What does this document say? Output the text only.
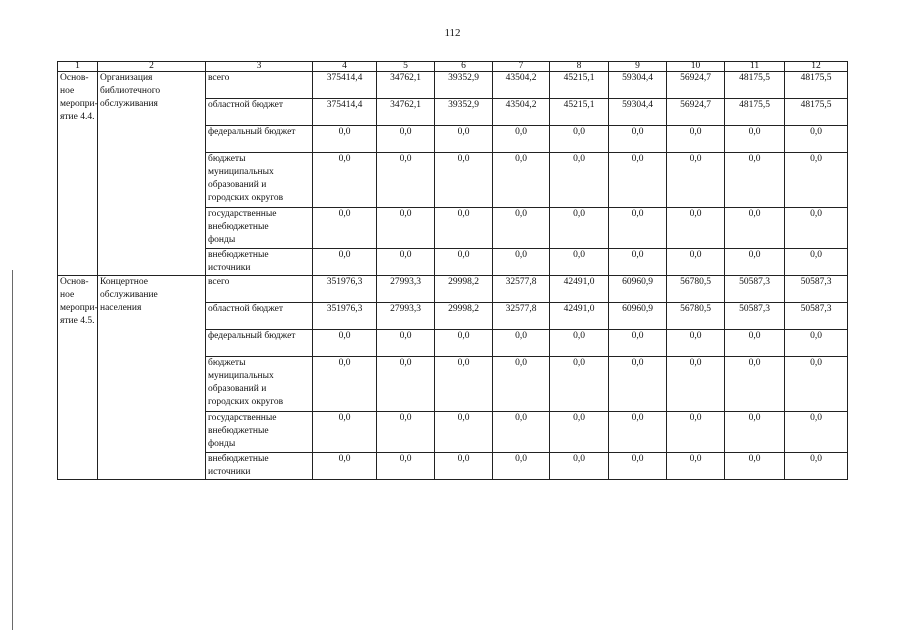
112
1	2	3	4	5	6	7	8	9	10	11	12
Основ-
ное
меропри-
ятие 4.4.	Организация
библиотечного
обслуживания	всего	375414,4	34762,1	39352,9	43504,2	45215,1	59304,4	56924,7	48175,5	48175,5
		областной бюджет	375414,4	34762,1	39352,9	43504,2	45215,1	59304,4	56924,7	48175,5	48175,5
		федеральный бюджет	0,0	0,0	0,0	0,0	0,0	0,0	0,0	0,0	0,0
		бюджеты
муниципальных
образований и
городских округов	0,0	0,0	0,0	0,0	0,0	0,0	0,0	0,0	0,0
		государственные
внебюджетные
фонды	0,0	0,0	0,0	0,0	0,0	0,0	0,0	0,0	0,0
		внебюджетные
источники	0,0	0,0	0,0	0,0	0,0	0,0	0,0	0,0	0,0
Основ-
ное
меропри-
ятие 4.5.	Концертное
обслуживание
населения	всего	351976,3	27993,3	29998,2	32577,8	42491,0	60960,9	56780,5	50587,3	50587,3
		областной бюджет	351976,3	27993,3	29998,2	32577,8	42491,0	60960,9	56780,5	50587,3	50587,3
		федеральный бюджет	0,0	0,0	0,0	0,0	0,0	0,0	0,0	0,0	0,0
		бюджеты
муниципальных
образований и
городских округов	0,0	0,0	0,0	0,0	0,0	0,0	0,0	0,0	0,0
		государственные
внебюджетные
фонды	0,0	0,0	0,0	0,0	0,0	0,0	0,0	0,0	0,0
		внебюджетные
источники	0,0	0,0	0,0	0,0	0,0	0,0	0,0	0,0	0,0
